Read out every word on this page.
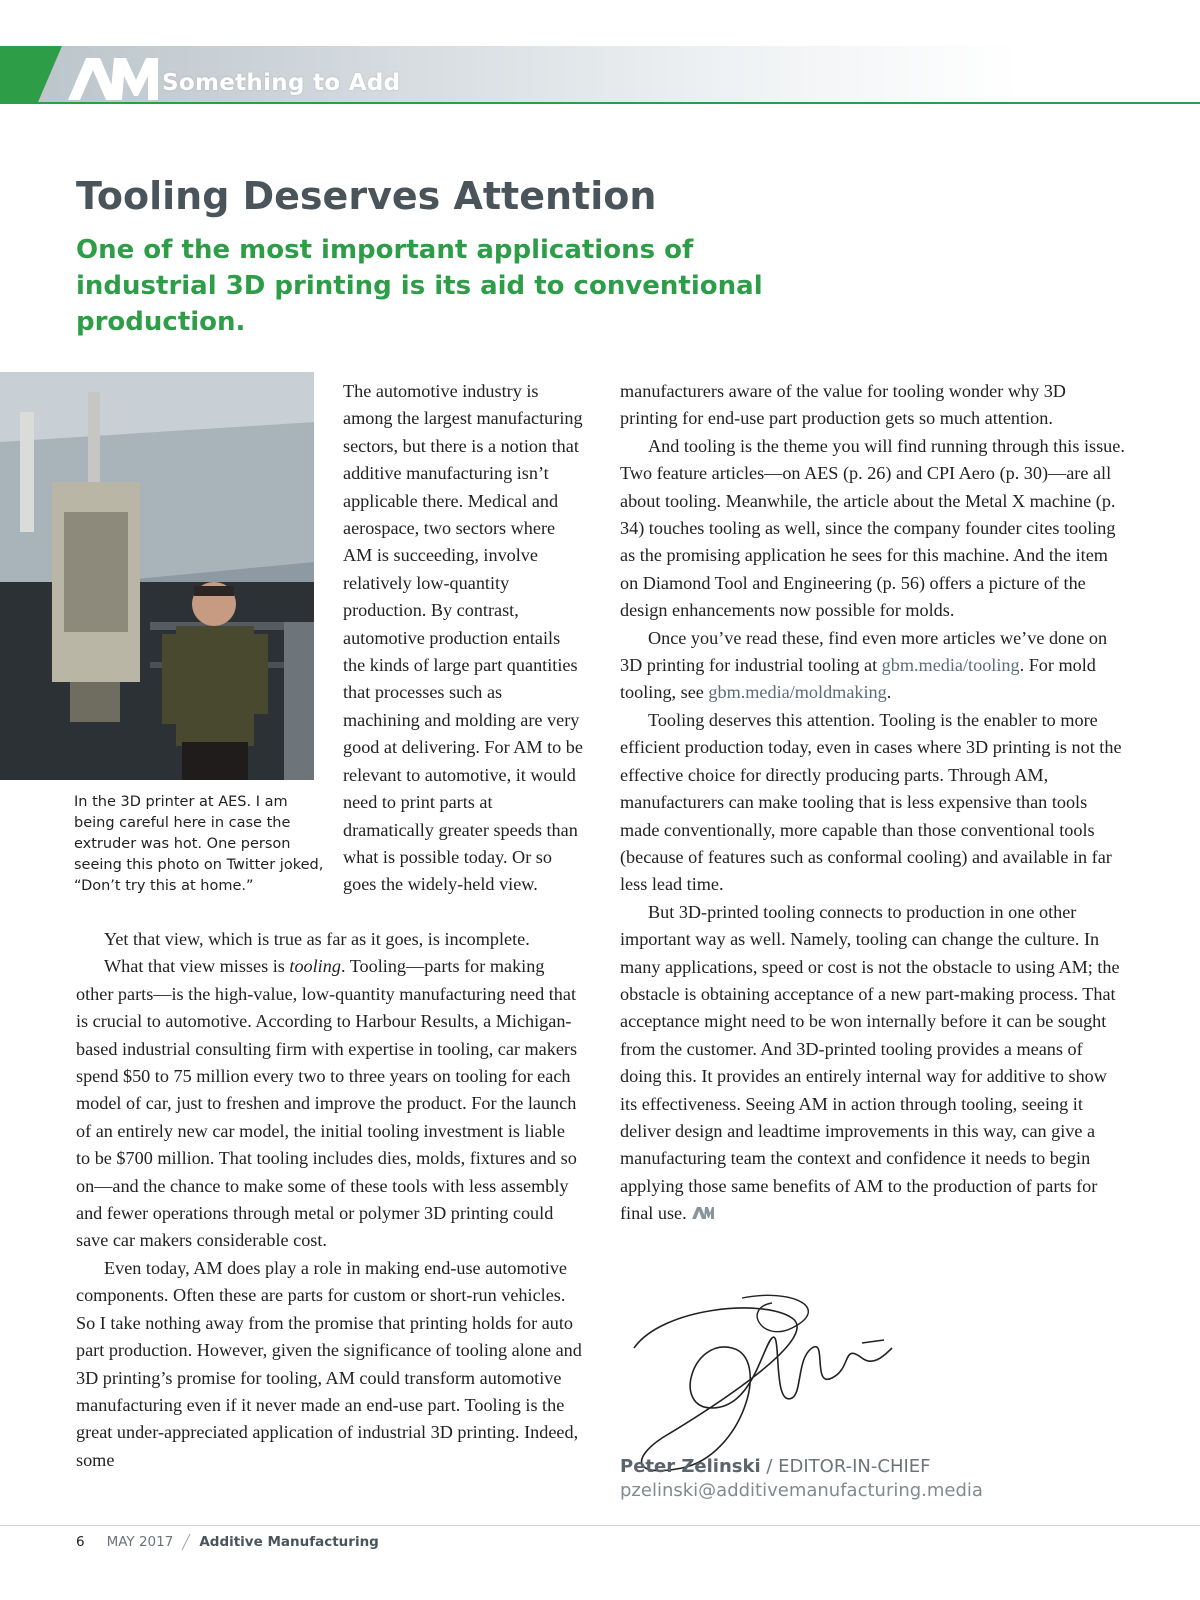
Something to Add
Tooling Deserves Attention

One of the most important applications of industrial 3D printing is its aid to conventional production.

In the 3D printer at AES. I am being careful here in case the extruder was hot. One person seeing this photo on Twitter joked, “Don’t try this at home.”

The automotive industry is among the largest manufacturing sectors, but there is a notion that additive manufacturing isn’t applicable there. Medical and aerospace, two sectors where AM is succeeding, involve relatively low-quantity production. By contrast, automotive production entails the kinds of large part quantities that processes such as machining and molding are very good at delivering. For AM to be relevant to automotive, it would need to print parts at dramatically greater speeds than what is possible today. Or so goes the widely-held view.

Yet that view, which is true as far as it goes, is incomplete.

What that view misses is tooling. Tooling—parts for making other parts—is the high-value, low-quantity manufacturing need that is crucial to automotive. According to Harbour Results, a Michigan-based industrial consulting firm with expertise in tooling, car makers spend $50 to 75 million every two to three years on tooling for each model of car, just to freshen and improve the product. For the launch of an entirely new car model, the initial tooling investment is liable to be $700 million. That tooling includes dies, molds, fixtures and so on—and the chance to make some of these tools with less assembly and fewer operations through metal or polymer 3D printing could save car makers considerable cost.

Even today, AM does play a role in making end-use automotive components. Often these are parts for custom or short-run vehicles. So I take nothing away from the promise that printing holds for auto part production. However, given the significance of tooling alone and 3D printing’s promise for tooling, AM could transform automotive manufacturing even if it never made an end-use part. Tooling is the great under-appreciated application of industrial 3D printing. Indeed, some

manufacturers aware of the value for tooling wonder why 3D printing for end-use part production gets so much attention.

And tooling is the theme you will find running through this issue. Two feature articles—on AES (p. 26) and CPI Aero (p. 30)—are all about tooling. Meanwhile, the article about the Metal X machine (p. 34) touches tooling as well, since the company founder cites tooling as the promising application he sees for this machine. And the item on Diamond Tool and Engineering (p. 56) offers a picture of the design enhancements now possible for molds.

Once you’ve read these, find even more articles we’ve done on 3D printing for industrial tooling at gbm.media/tooling. For mold tooling, see gbm.media/moldmaking.

Tooling deserves this attention. Tooling is the enabler to more efficient production today, even in cases where 3D printing is not the effective choice for directly producing parts. Through AM, manufacturers can make tooling that is less expensive than tools made conventionally, more capable than those conventional tools (because of features such as conformal cooling) and available in far less lead time.

But 3D-printed tooling connects to production in one other important way as well. Namely, tooling can change the culture. In many applications, speed or cost is not the obstacle to using AM; the obstacle is obtaining acceptance of a new part-making process. That acceptance might need to be won internally before it can be sought from the customer. And 3D-printed tooling provides a means of doing this. It provides an entirely internal way for additive to show its effectiveness. Seeing AM in action through tooling, seeing it deliver design and leadtime improvements in this way, can give a manufacturing team the context and confidence it needs to begin applying those same benefits of AM to the production of parts for final use.

Peter Zelinski / EDITOR-IN-CHIEF
pzelinski@additivemanufacturing.media
6 MAY 2017 Additive Manufacturing
